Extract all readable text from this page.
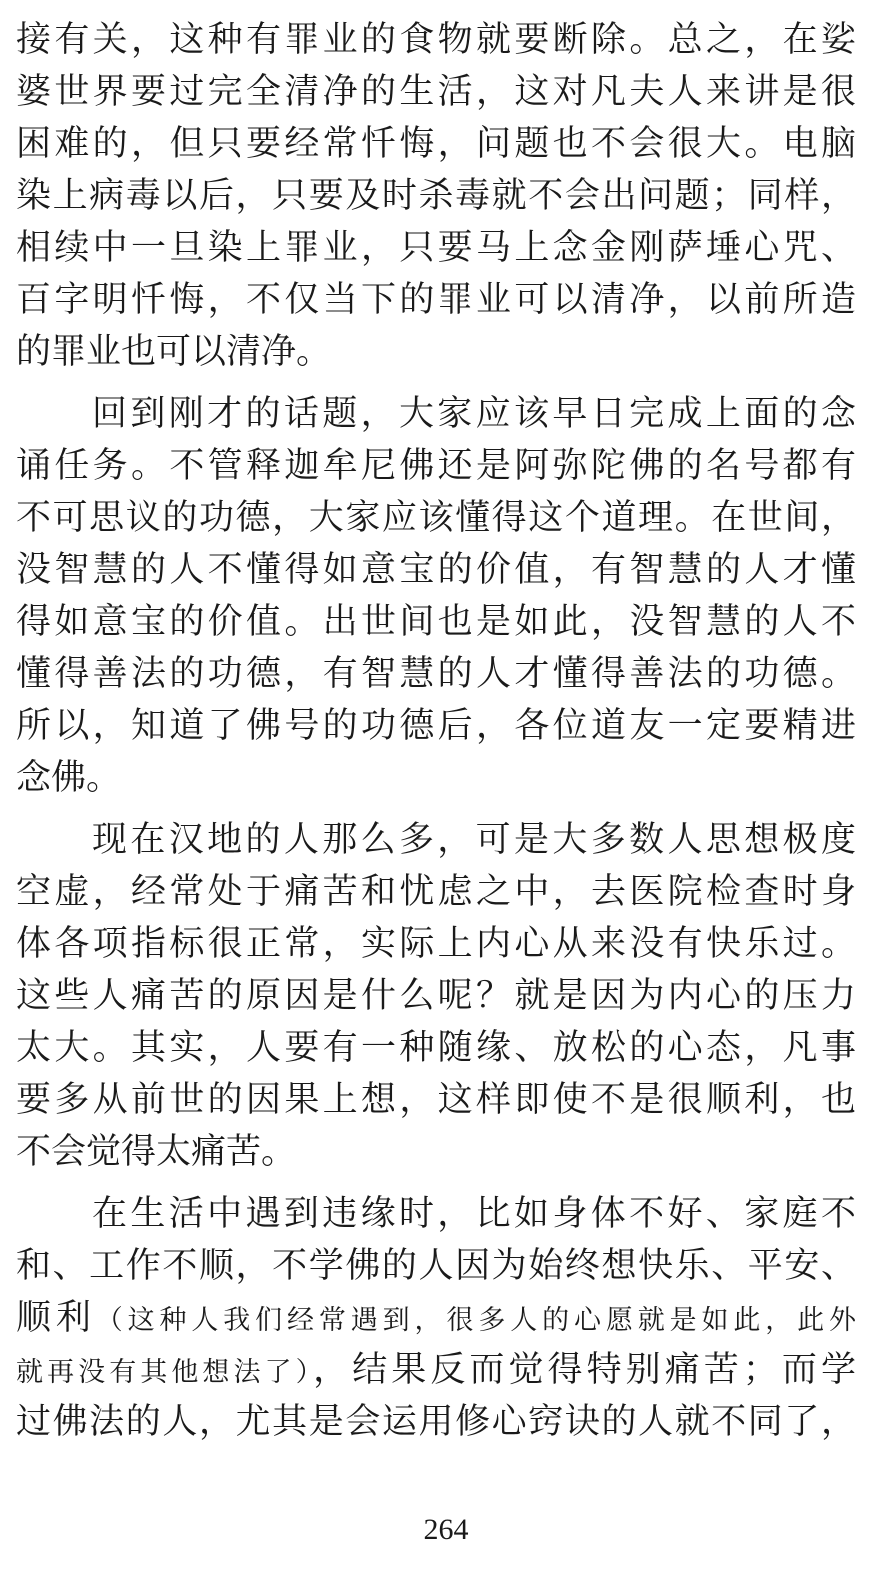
接有关，这种有罪业的食物就要断除。总之，在娑
婆世界要过完全清净的生活，这对凡夫人来讲是很
困难的，但只要经常忏悔，问题也不会很大。电脑
染上病毒以后，只要及时杀毒就不会出问题；同样，
相续中一旦染上罪业，只要马上念金刚萨埵心咒、
百字明忏悔，不仅当下的罪业可以清净，以前所造
的罪业也可以清净。
回到刚才的话题，大家应该早日完成上面的念
诵任务。不管释迦牟尼佛还是阿弥陀佛的名号都有
不可思议的功德，大家应该懂得这个道理。在世间，
没智慧的人不懂得如意宝的价值，有智慧的人才懂
得如意宝的价值。出世间也是如此，没智慧的人不
懂得善法的功德，有智慧的人才懂得善法的功德。
所以，知道了佛号的功德后，各位道友一定要精进
念佛。
现在汉地的人那么多，可是大多数人思想极度
空虚，经常处于痛苦和忧虑之中，去医院检查时身
体各项指标很正常，实际上内心从来没有快乐过。
这些人痛苦的原因是什么呢？就是因为内心的压力
太大。其实，人要有一种随缘、放松的心态，凡事
要多从前世的因果上想，这样即使不是很顺利，也
不会觉得太痛苦。
在生活中遇到违缘时，比如身体不好、家庭不
和、工作不顺，不学佛的人因为始终想快乐、平安、
顺利（这种人我们经常遇到，很多人的心愿就是如此，此外
就再没有其他想法了），结果反而觉得特别痛苦；而学
过佛法的人，尤其是会运用修心窍诀的人就不同了，
264
